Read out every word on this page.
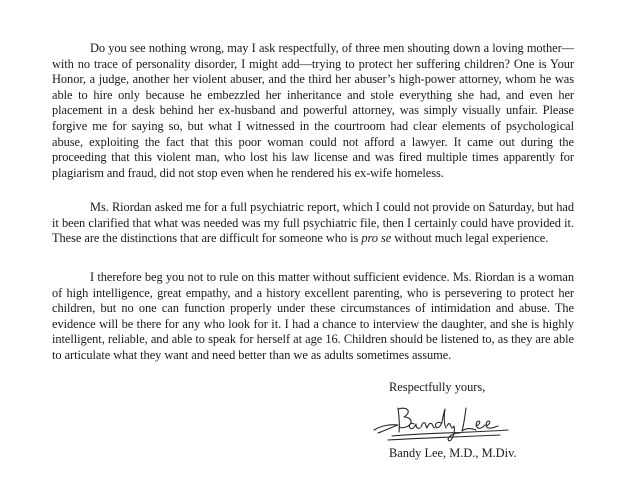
Do you see nothing wrong, may I ask respectfully, of three men shouting down a loving mother—with no trace of personality disorder, I might add—trying to protect her suffering children? One is Your Honor, a judge, another her violent abuser, and the third her abuser’s high-power attorney, whom he was able to hire only because he embezzled her inheritance and stole everything she had, and even her placement in a desk behind her ex-husband and powerful attorney, was simply visually unfair. Please forgive me for saying so, but what I witnessed in the courtroom had clear elements of psychological abuse, exploiting the fact that this poor woman could not afford a lawyer. It came out during the proceeding that this violent man, who lost his law license and was fired multiple times apparently for plagiarism and fraud, did not stop even when he rendered his ex-wife homeless.

Ms. Riordan asked me for a full psychiatric report, which I could not provide on Saturday, but had it been clarified that what was needed was my full psychiatric file, then I certainly could have provided it. These are the distinctions that are difficult for someone who is pro se without much legal experience.

I therefore beg you not to rule on this matter without sufficient evidence. Ms. Riordan is a woman of high intelligence, great empathy, and a history excellent parenting, who is persevering to protect her children, but no one can function properly under these circumstances of intimidation and abuse. The evidence will be there for any who look for it. I had a chance to interview the daughter, and she is highly intelligent, reliable, and able to speak for herself at age 16. Children should be listened to, as they are able to articulate what they want and need better than we as adults sometimes assume.

Respectfully yours,

Bandy Lee, M.D., M.Div.
